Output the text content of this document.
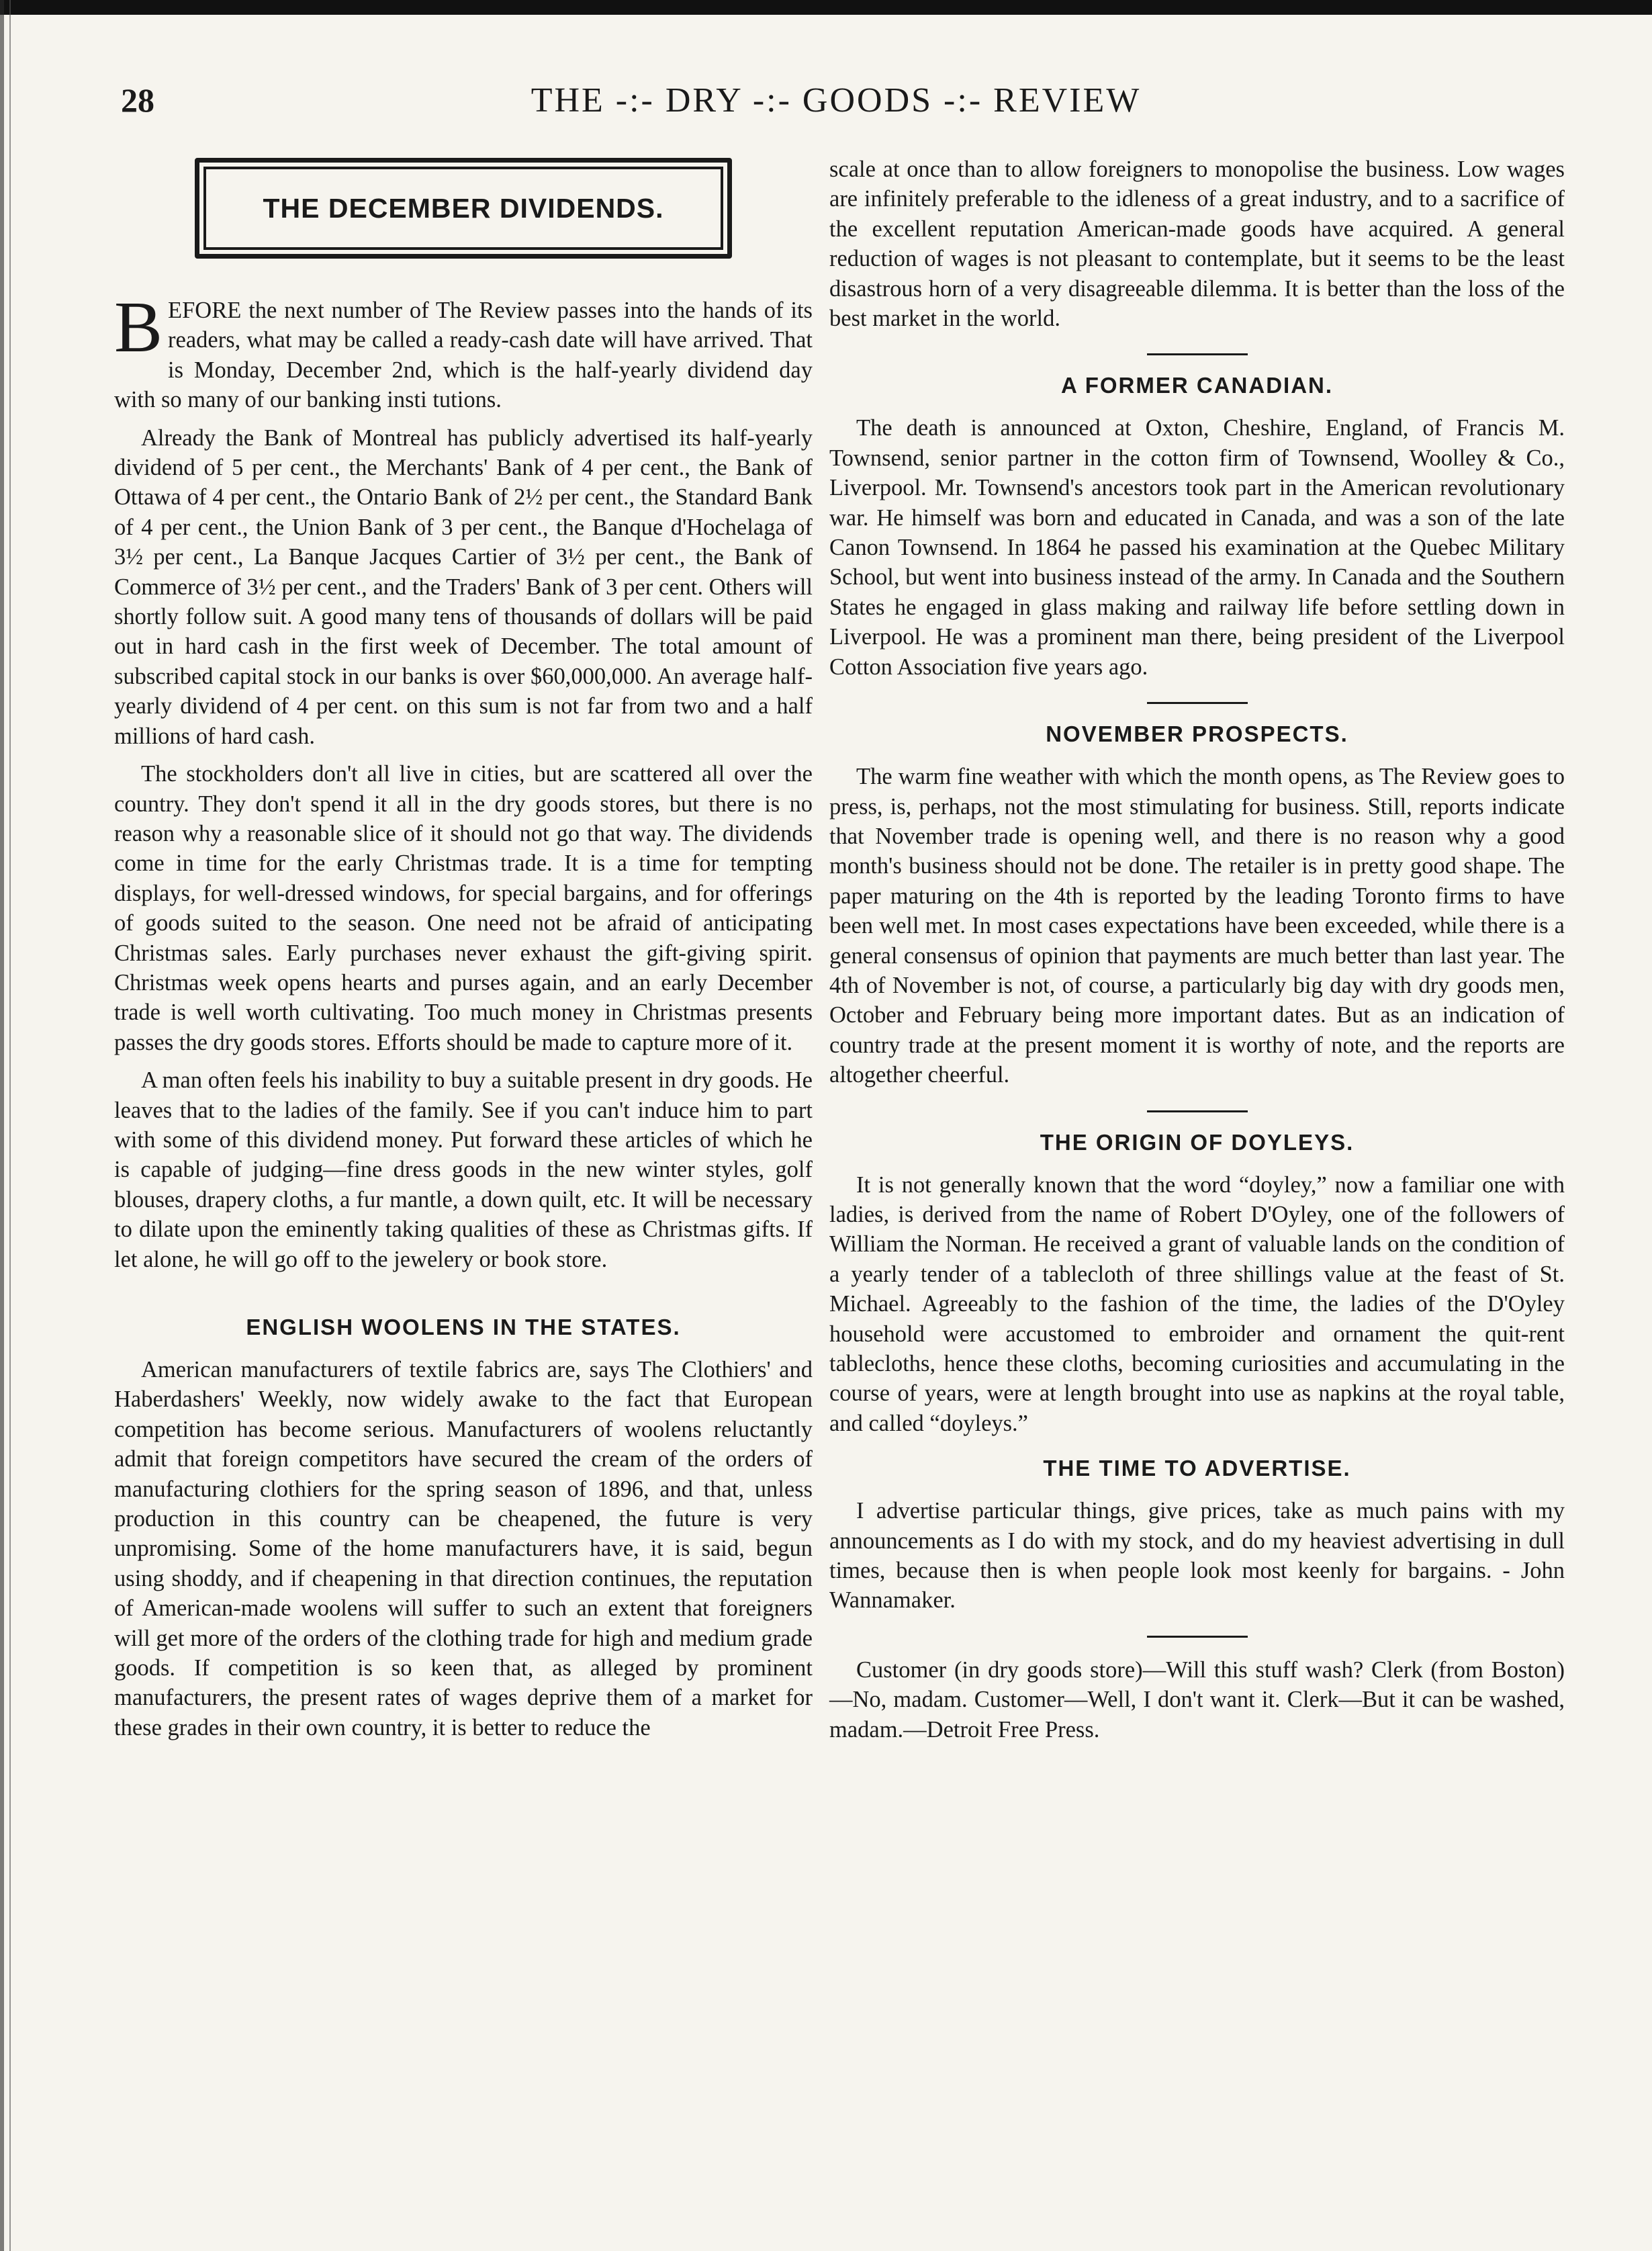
28	THE -:- DRY -:- GOODS -:- REVIEW
THE DECEMBER DIVIDENDS.

BEFORE the next number of The Review passes into the hands of its readers, what may be called a ready-cash date will have arrived. That is Monday, December 2nd, which is the half-yearly dividend day with so many of our banking insti tutions.

Already the Bank of Montreal has publicly advertised its half-yearly dividend of 5 per cent., the Merchants' Bank of 4 per cent., the Bank of Ottawa of 4 per cent., the Ontario Bank of 2½ per cent., the Standard Bank of 4 per cent., the Union Bank of 3 per cent., the Banque d'Hochelaga of 3½ per cent., La Banque Jacques Cartier of 3½ per cent., the Bank of Commerce of 3½ per cent., and the Traders' Bank of 3 per cent. Others will shortly follow suit. A good many tens of thousands of dollars will be paid out in hard cash in the first week of December. The total amount of subscribed capital stock in our banks is over $60,000,000. An average half-yearly dividend of 4 per cent. on this sum is not far from two and a half millions of hard cash.

The stockholders don't all live in cities, but are scattered all over the country. They don't spend it all in the dry goods stores, but there is no reason why a reasonable slice of it should not go that way. The dividends come in time for the early Christmas trade. It is a time for tempting displays, for well-dressed windows, for special bargains, and for offerings of goods suited to the season. One need not be afraid of anticipating Christmas sales. Early purchases never exhaust the gift-giving spirit. Christmas week opens hearts and purses again, and an early December trade is well worth cultivating. Too much money in Christmas presents passes the dry goods stores. Efforts should be made to capture more of it.

A man often feels his inability to buy a suitable present in dry goods. He leaves that to the ladies of the family. See if you can't induce him to part with some of this dividend money. Put forward these articles of which he is capable of judging—fine dress goods in the new winter styles, golf blouses, drapery cloths, a fur mantle, a down quilt, etc. It will be necessary to dilate upon the eminently taking qualities of these as Christmas gifts. If let alone, he will go off to the jewelery or book store.

ENGLISH WOOLENS IN THE STATES.

American manufacturers of textile fabrics are, says The Clothiers' and Haberdashers' Weekly, now widely awake to the fact that European competition has become serious. Manufacturers of woolens reluctantly admit that foreign competitors have secured the cream of the orders of manufacturing clothiers for the spring season of 1896, and that, unless production in this country can be cheapened, the future is very unpromising. Some of the home manufacturers have, it is said, begun using shoddy, and if cheapening in that direction continues, the reputation of American-made woolens will suffer to such an extent that foreigners will get more of the orders of the clothing trade for high and medium grade goods. If competition is so keen that, as alleged by prominent manufacturers, the present rates of wages deprive them of a market for these grades in their own country, it is better to reduce the

scale at once than to allow foreigners to monopolise the business. Low wages are infinitely preferable to the idleness of a great industry, and to a sacrifice of the excellent reputation American-made goods have acquired. A general reduction of wages is not pleasant to contemplate, but it seems to be the least disastrous horn of a very disagreeable dilemma. It is better than the loss of the best market in the world.

A FORMER CANADIAN.

The death is announced at Oxton, Cheshire, England, of Francis M. Townsend, senior partner in the cotton firm of Townsend, Woolley & Co., Liverpool. Mr. Townsend's ancestors took part in the American revolutionary war. He himself was born and educated in Canada, and was a son of the late Canon Townsend. In 1864 he passed his examination at the Quebec Military School, but went into business instead of the army. In Canada and the Southern States he engaged in glass making and railway life before settling down in Liverpool. He was a prominent man there, being president of the Liverpool Cotton Association five years ago.

NOVEMBER PROSPECTS.

The warm fine weather with which the month opens, as The Review goes to press, is, perhaps, not the most stimulating for business. Still, reports indicate that November trade is opening well, and there is no reason why a good month's business should not be done. The retailer is in pretty good shape. The paper maturing on the 4th is reported by the leading Toronto firms to have been well met. In most cases expectations have been exceeded, while there is a general consensus of opinion that payments are much better than last year. The 4th of November is not, of course, a particularly big day with dry goods men, October and February being more important dates. But as an indication of country trade at the present moment it is worthy of note, and the reports are altogether cheerful.

THE ORIGIN OF DOYLEYS.

It is not generally known that the word “doyley,” now a familiar one with ladies, is derived from the name of Robert D'Oyley, one of the followers of William the Norman. He received a grant of valuable lands on the condition of a yearly tender of a tablecloth of three shillings value at the feast of St. Michael. Agreeably to the fashion of the time, the ladies of the D'Oyley household were accustomed to embroider and ornament the quit-rent tablecloths, hence these cloths, becoming curiosities and accumulating in the course of years, were at length brought into use as napkins at the royal table, and called “doyleys.”

THE TIME TO ADVERTISE.

I advertise particular things, give prices, take as much pains with my announcements as I do with my stock, and do my heaviest advertising in dull times, because then is when people look most keenly for bargains. - John Wannamaker.

Customer (in dry goods store)—Will this stuff wash? Clerk (from Boston)—No, madam. Customer—Well, I don't want it. Clerk—But it can be washed, madam.—Detroit Free Press.
